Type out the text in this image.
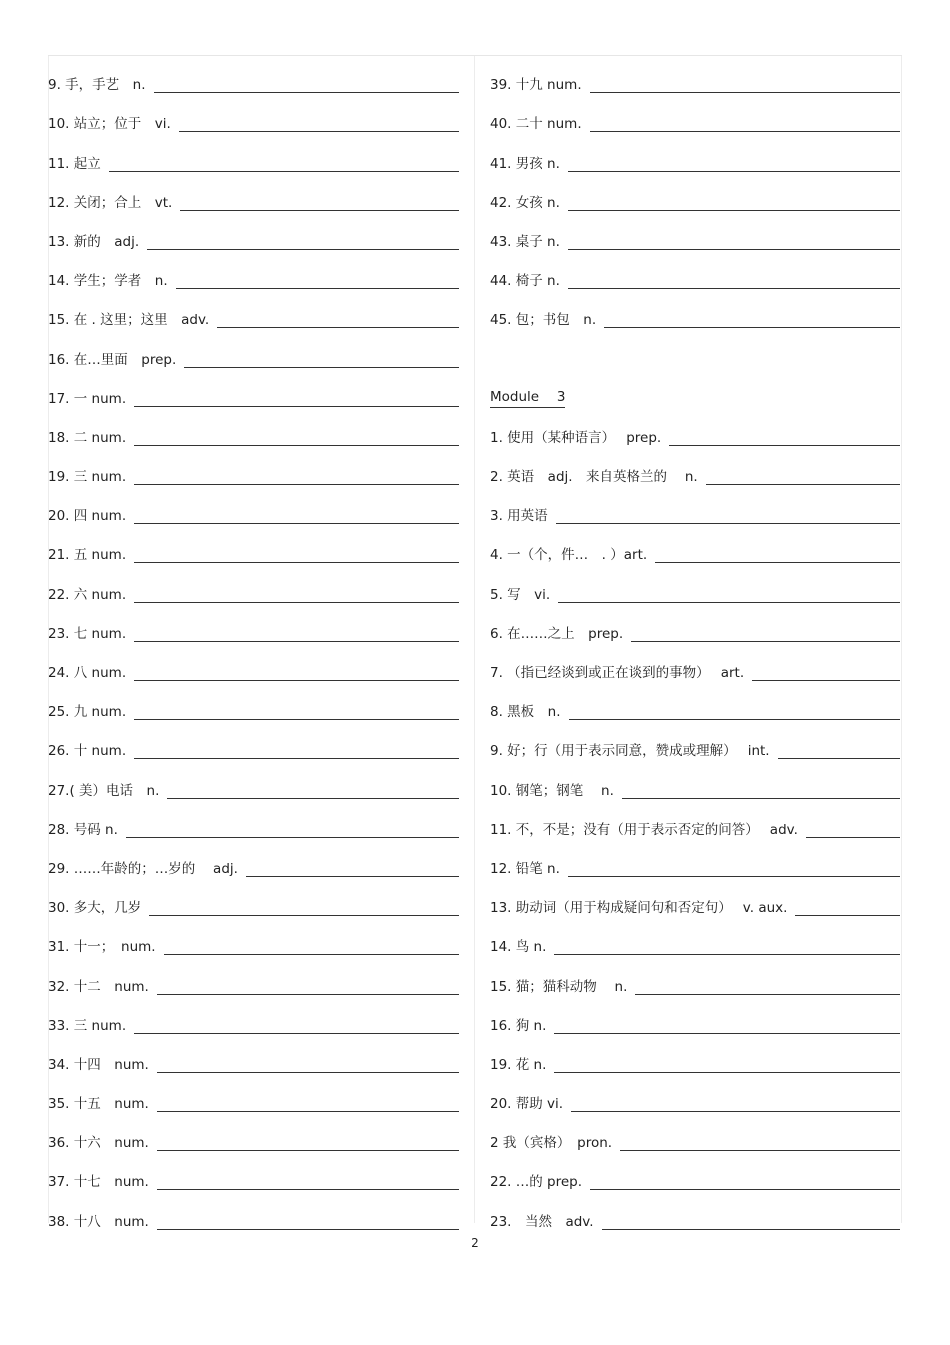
9. 手，手艺　n.
10. 站立；位于　vi.
11. 起立
12. 关闭；合上　vt.
13. 新的　adj.
14. 学生；学者　n.
15. 在 . 这里；这里　adv.
16. 在…里面　prep.
17. 一 num.
18. 二 num.
19. 三 num.
20. 四 num.
21. 五 num.
22. 六 num.
23. 七 num.
24. 八 num.
25. 九 num.
26. 十 num.
27.( 美）电话　n.
28. 号码 n.
29. ……年龄的；…岁的　 adj.
30. 多大，几岁
31. 十一；　num.
32. 十二　num.
33. 三 num.
34. 十四　num.
35. 十五　num.
36. 十六　num.
37. 十七　num.
38. 十八　num.
39. 十九 num.
40. 二十 num.
41. 男孩 n.
42. 女孩 n.
43. 桌子 n.
44. 椅子 n.
45. 包；书包　n.
Module　 3
1. 使用（某种语言）　 prep.
2. 英语　adj.　来自英格兰的　 n.
3. 用英语
4. 一（个，件…　. ）art.
5. 写　vi.
6. 在……之上　prep.
7. （指已经谈到或正在谈到的事物）　 art.
8. 黑板　n.
9. 好；行（用于表示同意，赞成或理解）　 int.
10. 钢笔；钢笔　 n.
11. 不，不是；没有（用于表示否定的问答）　 adv.
12. 铅笔 n.
13. 助动词（用于构成疑问句和否定句）　 v. aux.
14. 鸟 n.
15. 猫；猫科动物　 n.
16. 狗 n.
19. 花 n.
20. 帮助 vi.
2 我（宾格）　pron.
22. …的 prep.
23.　当然　adv.
2
